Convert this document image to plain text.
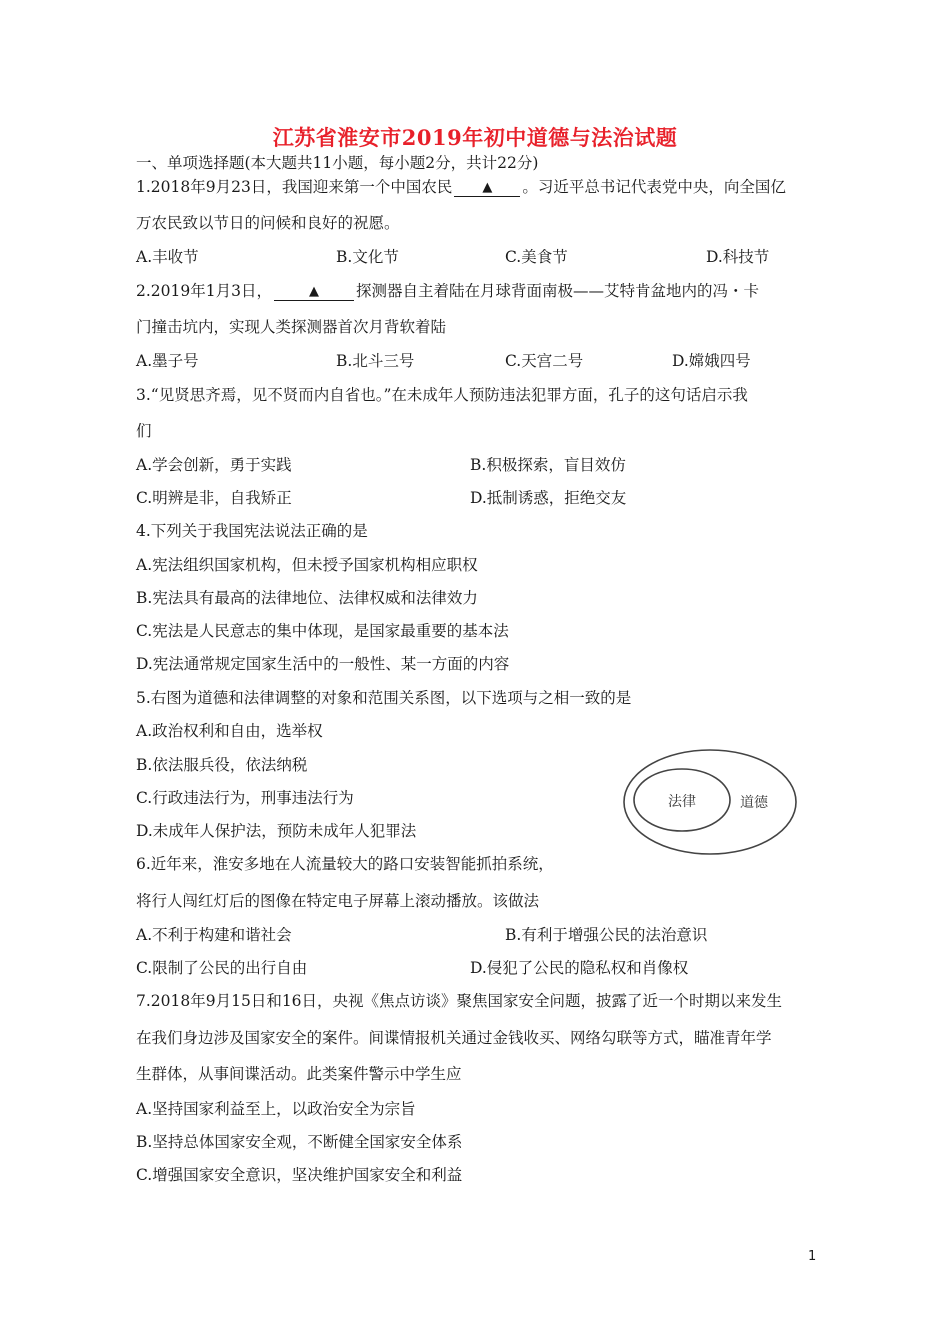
江苏省淮安市2019年初中道德与法治试题
一、单项选择题(本大题共11小题，每小题2分，共计22分)
1.2018年9月23日，我国迎来第一个中国农民 ▲ 。习近平总书记代表党中央，向全国亿
万农民致以节日的问候和良好的祝愿。
A.丰收节	B.文化节	C.美食节	D.科技节
2.2019年1月3日，	▲ 探测器自主着陆在月球背面南极——艾特肯盆地内的冯・卡
门撞击坑内，实现人类探测器首次月背软着陆
A.墨子号	B.北斗三号	C.天宫二号	D.嫦娥四号
3.“见贤思齐焉，见不贤而内自省也。”在未成年人预防违法犯罪方面，孔子的这句话启示我
们
A.学会创新，勇于实践	B.积极探索，盲目效仿
C.明辨是非，自我矫正	D.抵制诱惑，拒绝交友
4.下列关于我国宪法说法正确的是
A.宪法组织国家机构，但未授予国家机构相应职权
B.宪法具有最高的法律地位、法律权威和法律效力
C.宪法是人民意志的集中体现，是国家最重要的基本法
D.宪法通常规定国家生活中的一般性、某一方面的内容
5.右图为道德和法律调整的对象和范围关系图，以下选项与之相一致的是
A.政治权利和自由，选举权
B.依法服兵役，依法纳税
C.行政违法行为，刑事违法行为
D.未成年人保护法，预防未成年人犯罪法
法律	道德
6.近年来，淮安多地在人流量较大的路口安装智能抓拍系统，
将行人闯红灯后的图像在特定电子屏幕上滚动播放。该做法
A.不利于构建和谐社会	B.有利于增强公民的法治意识
C.限制了公民的出行自由	D.侵犯了公民的隐私权和肖像权
7.2018年9月15日和16日，央视《焦点访谈》聚焦国家安全问题，披露了近一个时期以来发生
在我们身边涉及国家安全的案件。间谍情报机关通过金钱收买、网络勾联等方式，瞄准青年学
生群体，从事间谍活动。此类案件警示中学生应
A.坚持国家利益至上，以政治安全为宗旨
B.坚持总体国家安全观，不断健全国家安全体系
C.增强国家安全意识，坚决维护国家安全和利益
1
